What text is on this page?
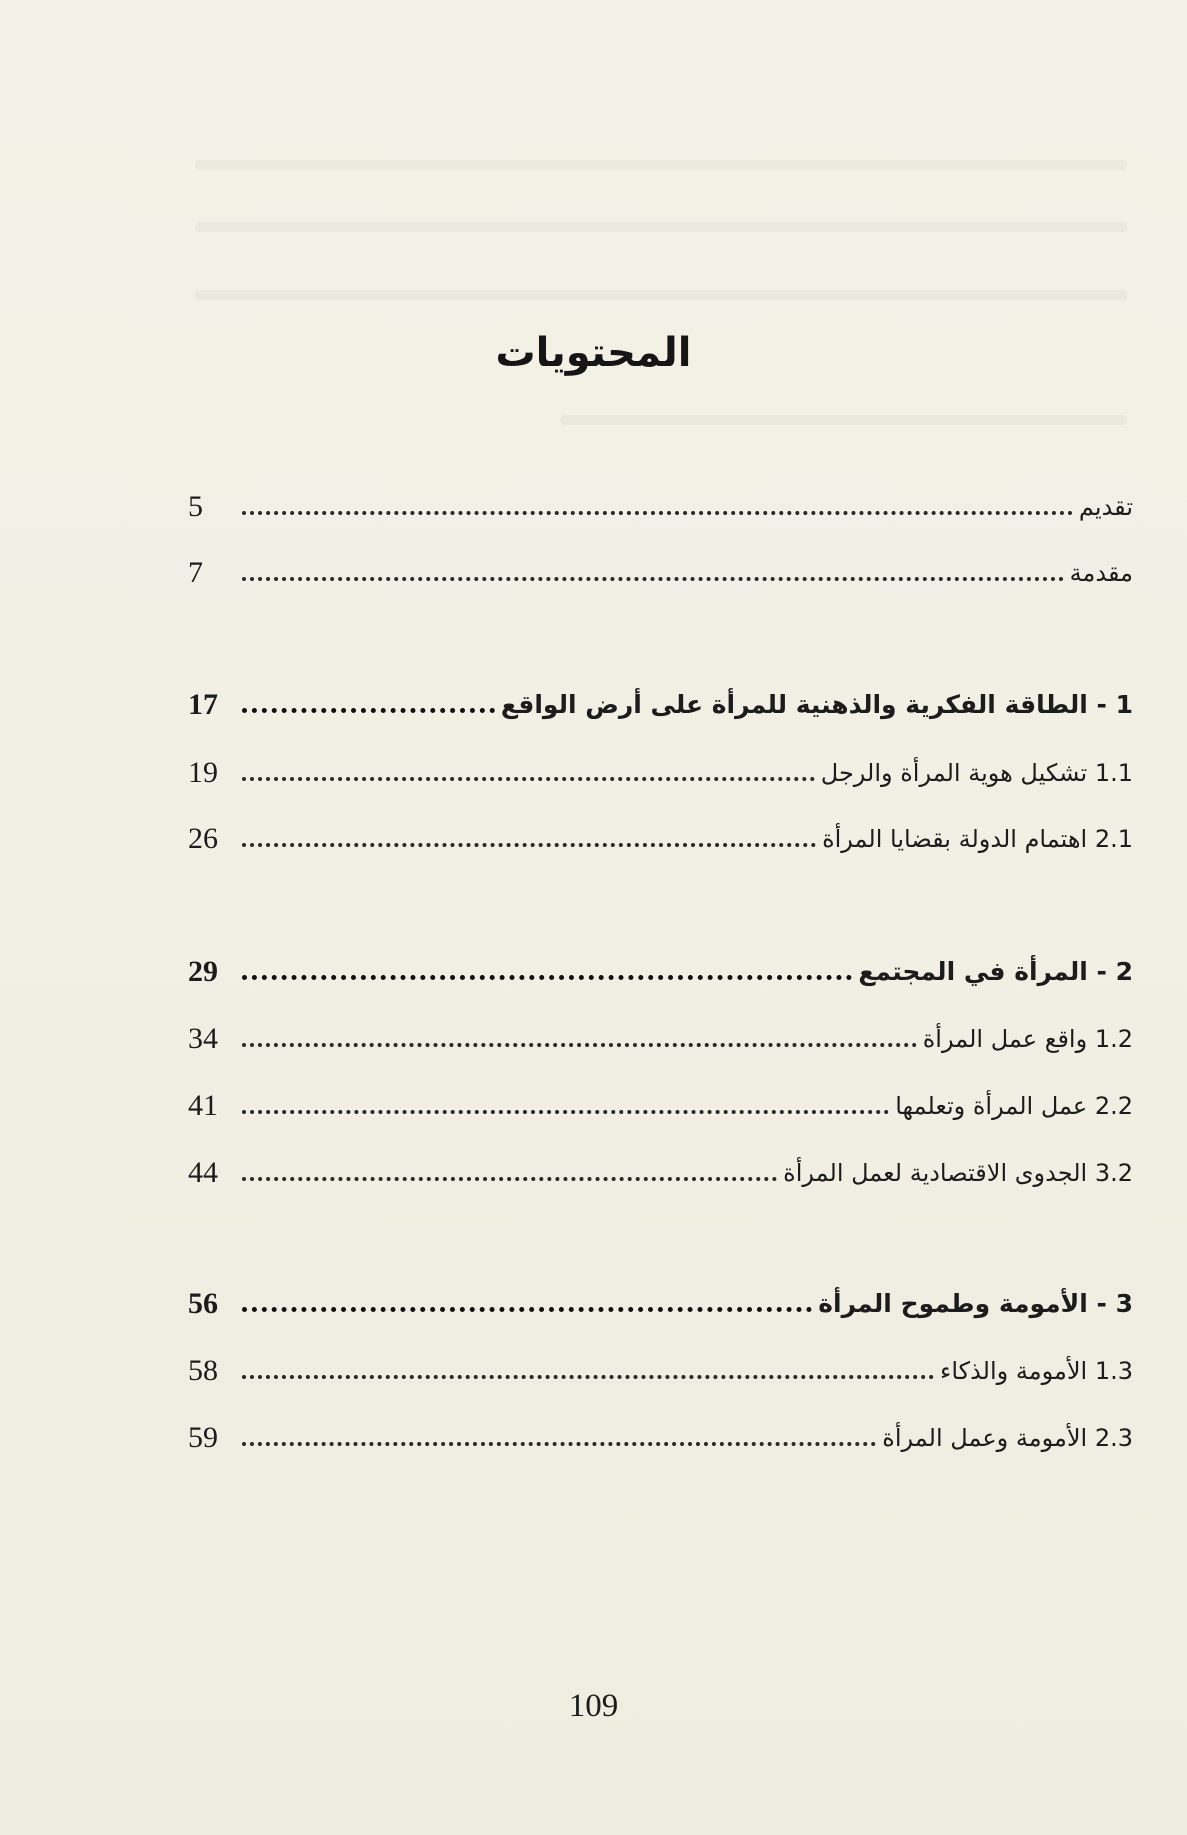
المحتويات
تقديم
5
مقدمة
7
1 - الطاقة الفكرية والذهنية للمرأة على أرض الواقع
17
1.1 تشكيل هوية المرأة والرجل
19
2.1 اهتمام الدولة بقضايا المرأة
26
2 - المرأة في المجتمع
29
1.2 واقع عمل المرأة
34
2.2 عمل المرأة وتعلمها
41
3.2 الجدوى الاقتصادية لعمل المرأة
44
3 - الأمومة وطموح المرأة
56
1.3 الأمومة والذكاء
58
2.3 الأمومة وعمل المرأة
59
109
